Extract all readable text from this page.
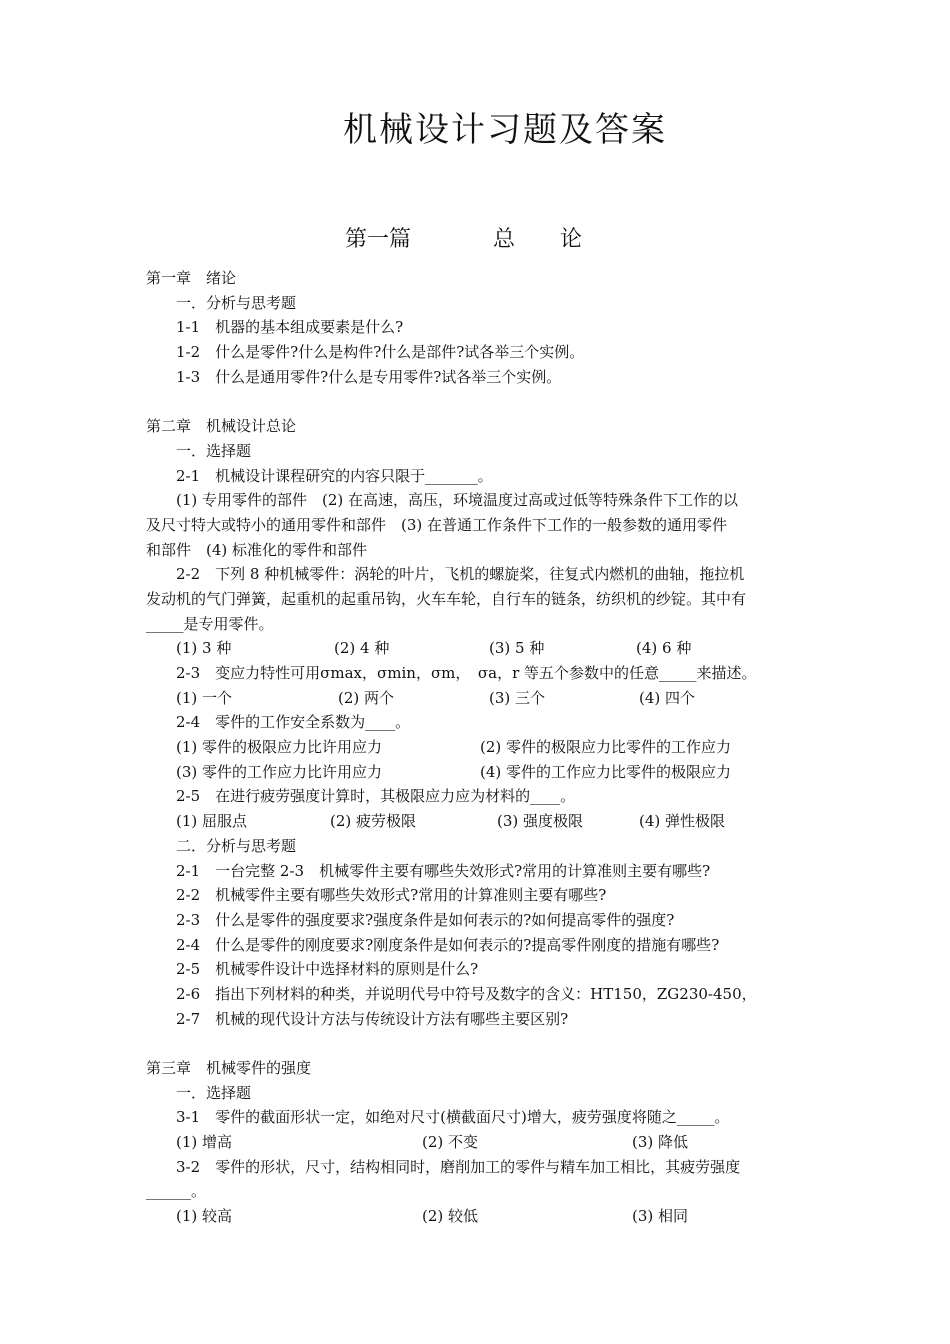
机械设计习题及答案
第一篇	总 论
第一章　绪论
一．分析与思考题
1-1　机器的基本组成要素是什么?
1-2　什么是零件?什么是构件?什么是部件?试各举三个实例。
1-3　什么是通用零件?什么是专用零件?试各举三个实例。
第二章　机械设计总论
一．选择题
2-1　机械设计课程研究的内容只限于_______。
(1) 专用零件的部件　(2) 在高速，高压，环境温度过高或过低等特殊条件下工作的以
及尺寸特大或特小的通用零件和部件　(3) 在普通工作条件下工作的一般参数的通用零件
和部件　(4) 标准化的零件和部件
2-2　下列 8 种机械零件：涡轮的叶片，飞机的螺旋桨，往复式内燃机的曲轴，拖拉机
发动机的气门弹簧，起重机的起重吊钩，火车车轮，自行车的链条，纺织机的纱锭。其中有
_____是专用零件。
(1) 3 种	(2) 4 种	(3) 5 种	(4) 6 种
2-3　变应力特性可用σmax，σmin，σm，　σa，r 等五个参数中的任意_____来描述。
(1) 一个	(2) 两个	(3) 三个	(4) 四个
2-4　零件的工作安全系数为____。
(1) 零件的极限应力比许用应力	(2) 零件的极限应力比零件的工作应力
(3) 零件的工作应力比许用应力	(4) 零件的工作应力比零件的极限应力
2-5　在进行疲劳强度计算时，其极限应力应为材料的____。
(1) 屈服点	(2) 疲劳极限	(3) 强度极限	(4) 弹性极限
二．分析与思考题
2-1　一台完整 2-3　机械零件主要有哪些失效形式?常用的计算准则主要有哪些?
2-2　机械零件主要有哪些失效形式?常用的计算准则主要有哪些?
2-3　什么是零件的强度要求?强度条件是如何表示的?如何提高零件的强度?
2-4　什么是零件的刚度要求?刚度条件是如何表示的?提高零件刚度的措施有哪些?
2-5　机械零件设计中选择材料的原则是什么?
2-6　指出下列材料的种类，并说明代号中符号及数字的含义：HT150，ZG230-450，
2-7　机械的现代设计方法与传统设计方法有哪些主要区别?
第三章　机械零件的强度
一．选择题
3-1　零件的截面形状一定，如绝对尺寸(横截面尺寸)增大，疲劳强度将随之_____。
(1) 增高	(2) 不变	(3) 降低
3-2　零件的形状，尺寸，结构相同时，磨削加工的零件与精车加工相比，其疲劳强度
______。
(1) 较高	(2) 较低	(3) 相同
